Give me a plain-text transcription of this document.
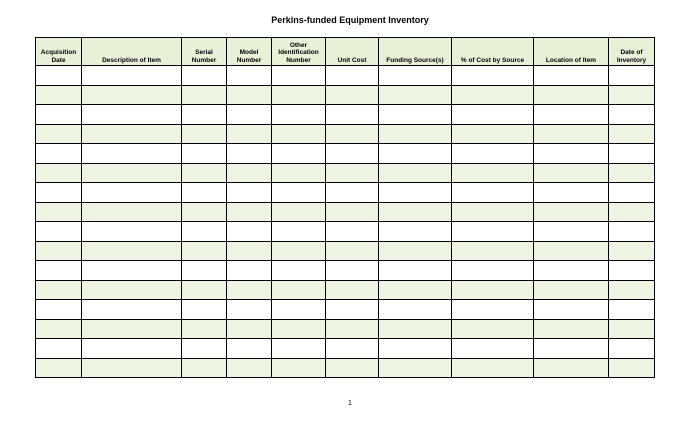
Perkins-funded Equipment Inventory
Acquisition Date	Description of Item	Serial Number	Model Number	Other Identification Number	Unit Cost	Funding Source(s)	% of Cost by Source	Location of Item	Date of Inventory

1
